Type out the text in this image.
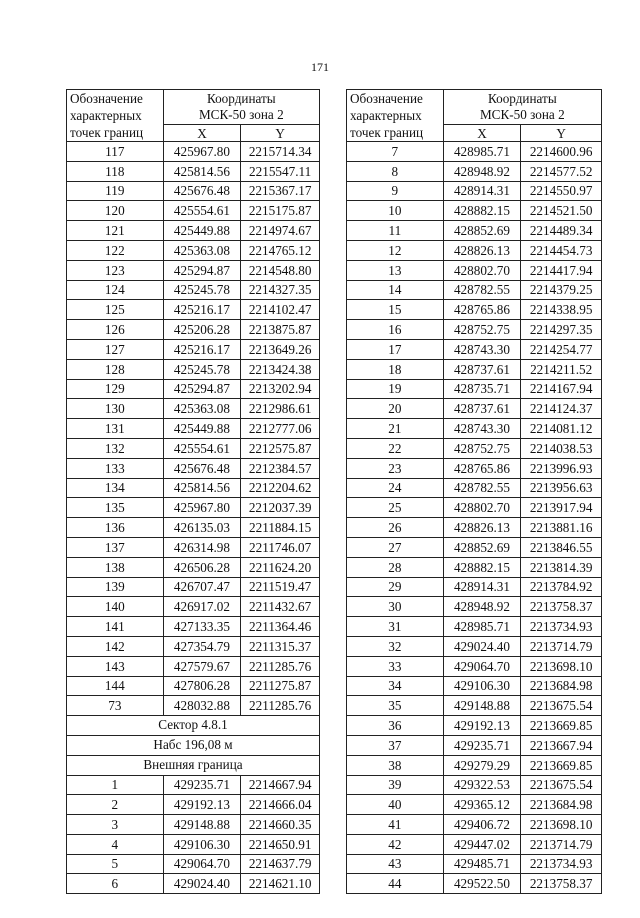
171
Обозначение
характерных
точек границ	Координаты
МСК-50 зона 2	
	X	Y
117	425967.80	2215714.34
118	425814.56	2215547.11
119	425676.48	2215367.17
120	425554.61	2215175.87
121	425449.88	2214974.67
122	425363.08	2214765.12
123	425294.87	2214548.80
124	425245.78	2214327.35
125	425216.17	2214102.47
126	425206.28	2213875.87
127	425216.17	2213649.26
128	425245.78	2213424.38
129	425294.87	2213202.94
130	425363.08	2212986.61
131	425449.88	2212777.06
132	425554.61	2212575.87
133	425676.48	2212384.57
134	425814.56	2212204.62
135	425967.80	2212037.39
136	426135.03	2211884.15
137	426314.98	2211746.07
138	426506.28	2211624.20
139	426707.47	2211519.47
140	426917.02	2211432.67
141	427133.35	2211364.46
142	427354.79	2211315.37
143	427579.67	2211285.76
144	427806.28	2211275.87
73	428032.88	2211285.76
Сектор 4.8.1		
Набс 196,08 м		
Внешняя граница		
1	429235.71	2214667.94
2	429192.13	2214666.04
3	429148.88	2214660.35
4	429106.30	2214650.91
5	429064.70	2214637.79
6	429024.40	2214621.10
Обозначение
характерных
точек границ	Координаты
МСК-50 зона 2	
	X	Y
7	428985.71	2214600.96
8	428948.92	2214577.52
9	428914.31	2214550.97
10	428882.15	2214521.50
11	428852.69	2214489.34
12	428826.13	2214454.73
13	428802.70	2214417.94
14	428782.55	2214379.25
15	428765.86	2214338.95
16	428752.75	2214297.35
17	428743.30	2214254.77
18	428737.61	2214211.52
19	428735.71	2214167.94
20	428737.61	2214124.37
21	428743.30	2214081.12
22	428752.75	2214038.53
23	428765.86	2213996.93
24	428782.55	2213956.63
25	428802.70	2213917.94
26	428826.13	2213881.16
27	428852.69	2213846.55
28	428882.15	2213814.39
29	428914.31	2213784.92
30	428948.92	2213758.37
31	428985.71	2213734.93
32	429024.40	2213714.79
33	429064.70	2213698.10
34	429106.30	2213684.98
35	429148.88	2213675.54
36	429192.13	2213669.85
37	429235.71	2213667.94
38	429279.29	2213669.85
39	429322.53	2213675.54
40	429365.12	2213684.98
41	429406.72	2213698.10
42	429447.02	2213714.79
43	429485.71	2213734.93
44	429522.50	2213758.37
